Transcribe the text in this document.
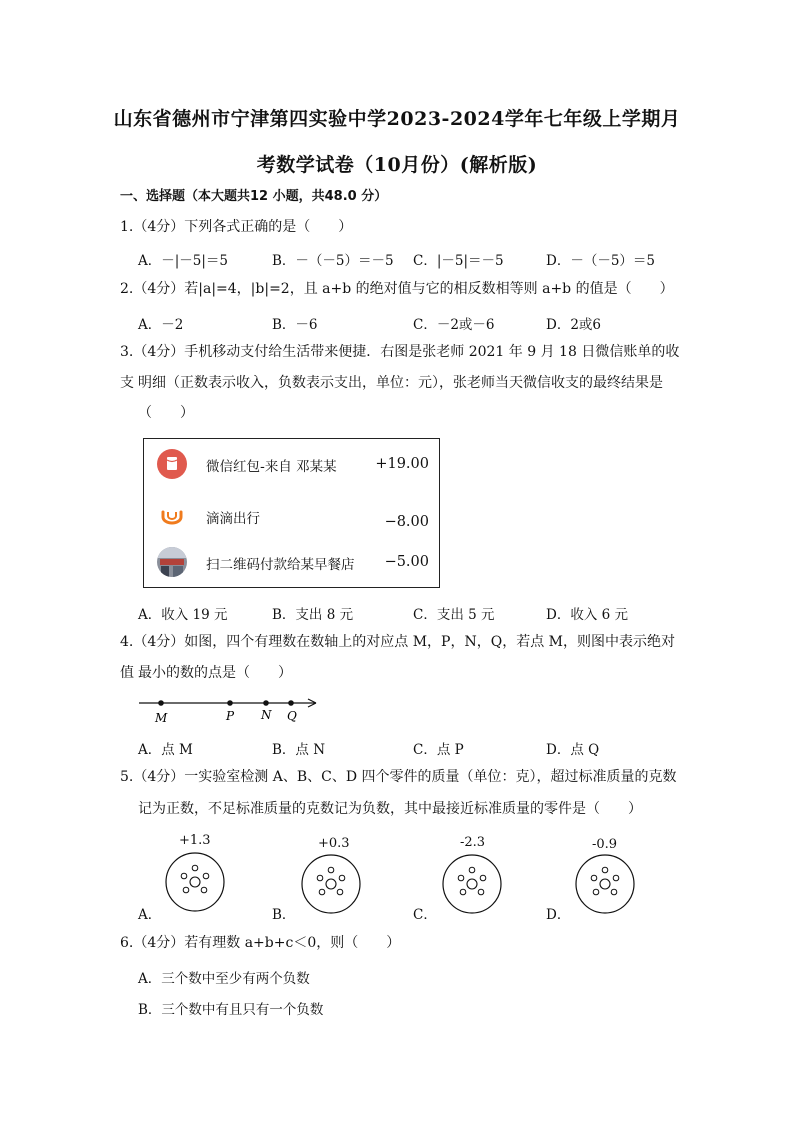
山东省德州市宁津第四实验中学2023-2024学年七年级上学期月
考数学试卷（10月份）(解析版)
一、选择题（本大题共12 小题，共48.0 分）
1.（4分）下列各式正确的是（　　）
A．－|－5|＝5	B．－（－5）＝－5 C．|－5|＝－5	D．－（－5）＝5
2.（4分）若|a|=4，|b|=2，且 a+b 的绝对值与它的相反数相等则 a+b 的值是（　　）
A．－2	B．－6	C．－2或－6	D．2或6
3.（4分）手机移动支付给生活带来便捷．右图是张老师 2021 年 9 月 18 日微信账单的收支 明细（正数表示收入，负数表示支出，单位：元），张老师当天微信收支的最终结果是
（　　）
微信红包-来自 邓某某	+19.00
滴滴出行	−8.00
扫二维码付款给某早餐店 −5.00
A．收入 19 元	B．支出 8 元	C．支出 5 元	D．收入 6 元
4.（4分）如图，四个有理数在数轴上的对应点 M，P，N，Q，若点 M，则图中表示绝对值 最小的数的点是（　　）
M	P N Q
A．点 M	B．点 N	C．点 P	D．点 Q
5.（4分）一实验室检测 A、B、C、D 四个零件的质量（单位：克），超过标准质量的克数
记为正数，不足标准质量的克数记为负数，其中最接近标准质量的零件是（　　）
+1.3
A．
+0.3
B．
-2.3
C．
-0.9
D．
6.（4分）若有理数 a+b+c＜0，则（　　）
A．三个数中至少有两个负数
B．三个数中有且只有一个负数
